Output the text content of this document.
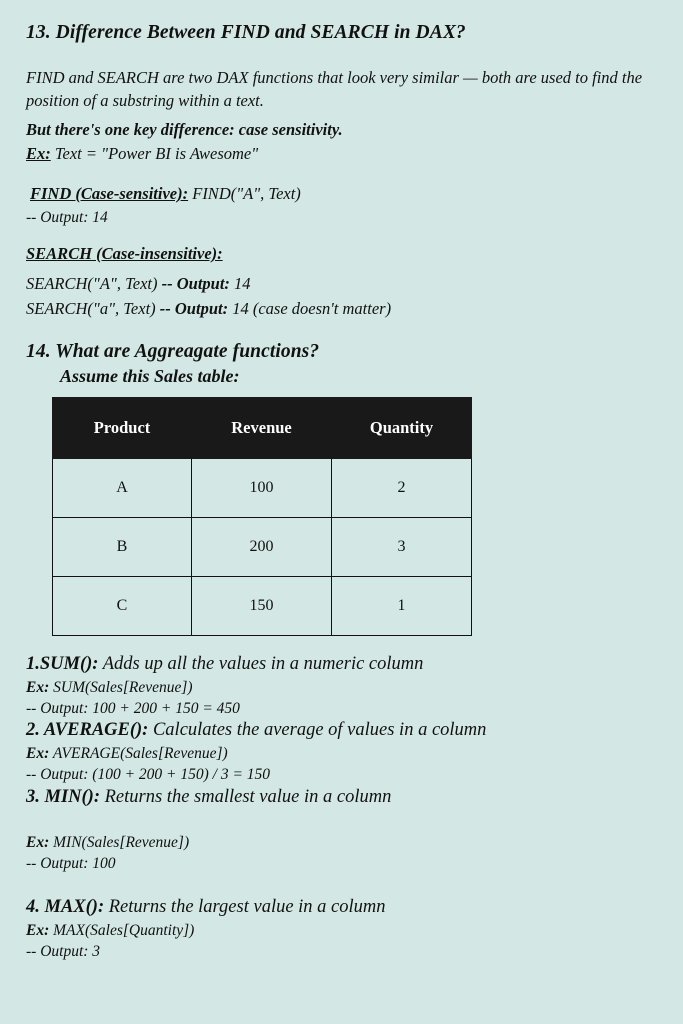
13. Difference Between FIND and SEARCH in DAX?
FIND and SEARCH are two DAX functions that look very similar — both are used to find the position of a substring within a text.
But there's one key difference: case sensitivity.
Ex: Text = "Power BI is Awesome"
FIND (Case-sensitive): FIND("A", Text)
-- Output: 14
SEARCH (Case-insensitive):
SEARCH("A", Text) -- Output: 14
SEARCH("a", Text) -- Output: 14 (case doesn't matter)
14. What are Aggreagate functions?
Assume this Sales table:
Product	Revenue	Quantity
A	100	2
B	200	3
C	150	1
1.SUM(): Adds up all the values in a numeric column
Ex: SUM(Sales[Revenue])
-- Output: 100 + 200 + 150 = 450
2. AVERAGE(): Calculates the average of values in a column
Ex: AVERAGE(Sales[Revenue])
-- Output: (100 + 200 + 150) / 3 = 150
3. MIN(): Returns the smallest value in a column
Ex: MIN(Sales[Revenue])
-- Output: 100
4. MAX(): Returns the largest value in a column
Ex: MAX(Sales[Quantity])
-- Output: 3
